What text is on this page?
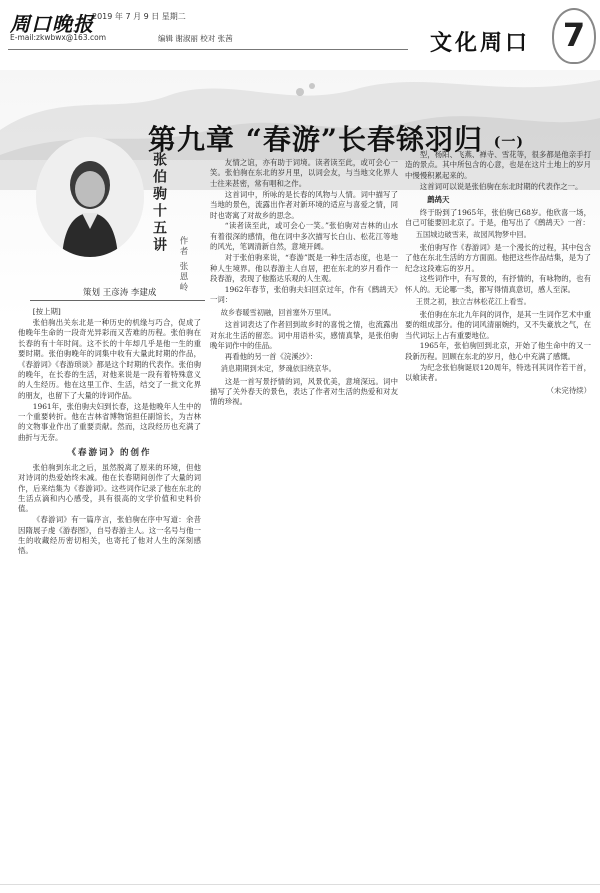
周口晚报
2019 年 7 月 9 日 星期二
E-mail:zkwbwx@163.com	编辑 谢淑丽 校对 张茜	文化周口	7
张伯驹十五讲
作者 张恩岭
第九章 “春游”长春铩羽归 (一)
策划 王彦涛 李建成

[按上期]

张伯驹出关东北是一种历史的机缘与巧合，促成了他晚年生命的一段奇光异彩而又苦难的历程。张伯驹在长春的有十年时间。这不长的十年却几乎是他一生的重要时期。张伯驹晚年的词集中收有大量此时期的作品，《春游词》《春游琐谈》都是这个时期的代表作。张伯驹的晚年，在长春的生活，对他来说是一段有着特殊意义的人生经历。他在这里工作、生活，结交了一批文化界的朋友，也留下了大量的诗词作品。

1961年，张伯驹夫妇到长春，这是他晚年人生中的一个重要转折。他在吉林省博物馆担任副馆长，为吉林的文物事业作出了重要贡献。然而，这段经历也充满了曲折与无奈。

《春游词》的创作

张伯驹到东北之后，虽然脱离了原来的环境，但他对诗词的热爱始终未减。他在长春期间创作了大量的词作，后来结集为《春游词》。这些词作记录了他在东北的生活点滴和内心感受，具有很高的文学价值和史料价值。

《春游词》有一篇序言，张伯驹在序中写道：余昔因隋展子虔《游春图》，自号春游主人。这一名号与他一生的收藏经历密切相关，也寄托了他对人生的深刻感悟。

友情之谊，亦有助于词境。读者读至此，或可会心一笑。张伯驹在东北的岁月里，以词会友，与当地文化界人士往来甚密，常有唱和之作。

这首词中，所咏的是长春的风物与人情。词中描写了当地的景色，流露出作者对新环境的适应与喜爱之情，同时也寄寓了对故乡的思念。

“读者读至此，或可会心一笑。”张伯驹对吉林的山水有着很深的感情，他在词中多次描写长白山、松花江等地的风光，笔调清新自然，意境开阔。

对于张伯驹来说，“春游”既是一种生活态度，也是一种人生境界。他以春游主人自居，把在东北的岁月看作一段春游，表现了他豁达乐观的人生观。

1962年春节，张伯驹夫妇回京过年，作有《鹧鸪天》一词：

故乡春暖雪初融，回首塞外万里风。

这首词表达了作者回到故乡时的喜悦之情，也流露出对东北生活的留恋。词中用语朴实，感情真挚，是张伯驹晚年词作中的佳品。

再看他的另一首《浣溪沙》：

消息期期到未定，梦魂依旧绕京华。

这是一首写景抒情的词，风景优美，意境深远。词中描写了关外春天的景色，表达了作者对生活的热爱和对友情的珍视。

型，杨阳、飞燕、禅寺、雪花等，很多都是他亲手打造的景点。其中所包含的心意，也是在这片土地上的岁月中慢慢积累起来的。

这首词可以说是张伯驹在东北时期的代表作之一。

鹧鸪天

终于盼到了1965年，张伯驹已68岁。他欣喜一场，自己可能要回北京了。于是，他写出了《鹧鸪天》一首：

五国城边破雪来，故园风物梦中回。

张伯驹写作《春游词》是一个漫长的过程，其中包含了他在东北生活的方方面面。他把这些作品结集，是为了纪念这段难忘的岁月。

这些词作中，有写景的，有抒情的，有咏物的，也有怀人的。无论哪一类，都写得情真意切，感人至深。

王贯之初，独立吉林松花江上看雪。

张伯驹在东北九年间的词作，是其一生词作艺术中重要的组成部分。他的词风清丽婉约，又不失豪放之气，在当代词坛上占有重要地位。

1965年，张伯驹回到北京，开始了他生命中的又一段新历程。回顾在东北的岁月，他心中充满了感慨。

为纪念张伯驹诞辰120周年，特选刊其词作若干首，以飨读者。

（未完待续）
